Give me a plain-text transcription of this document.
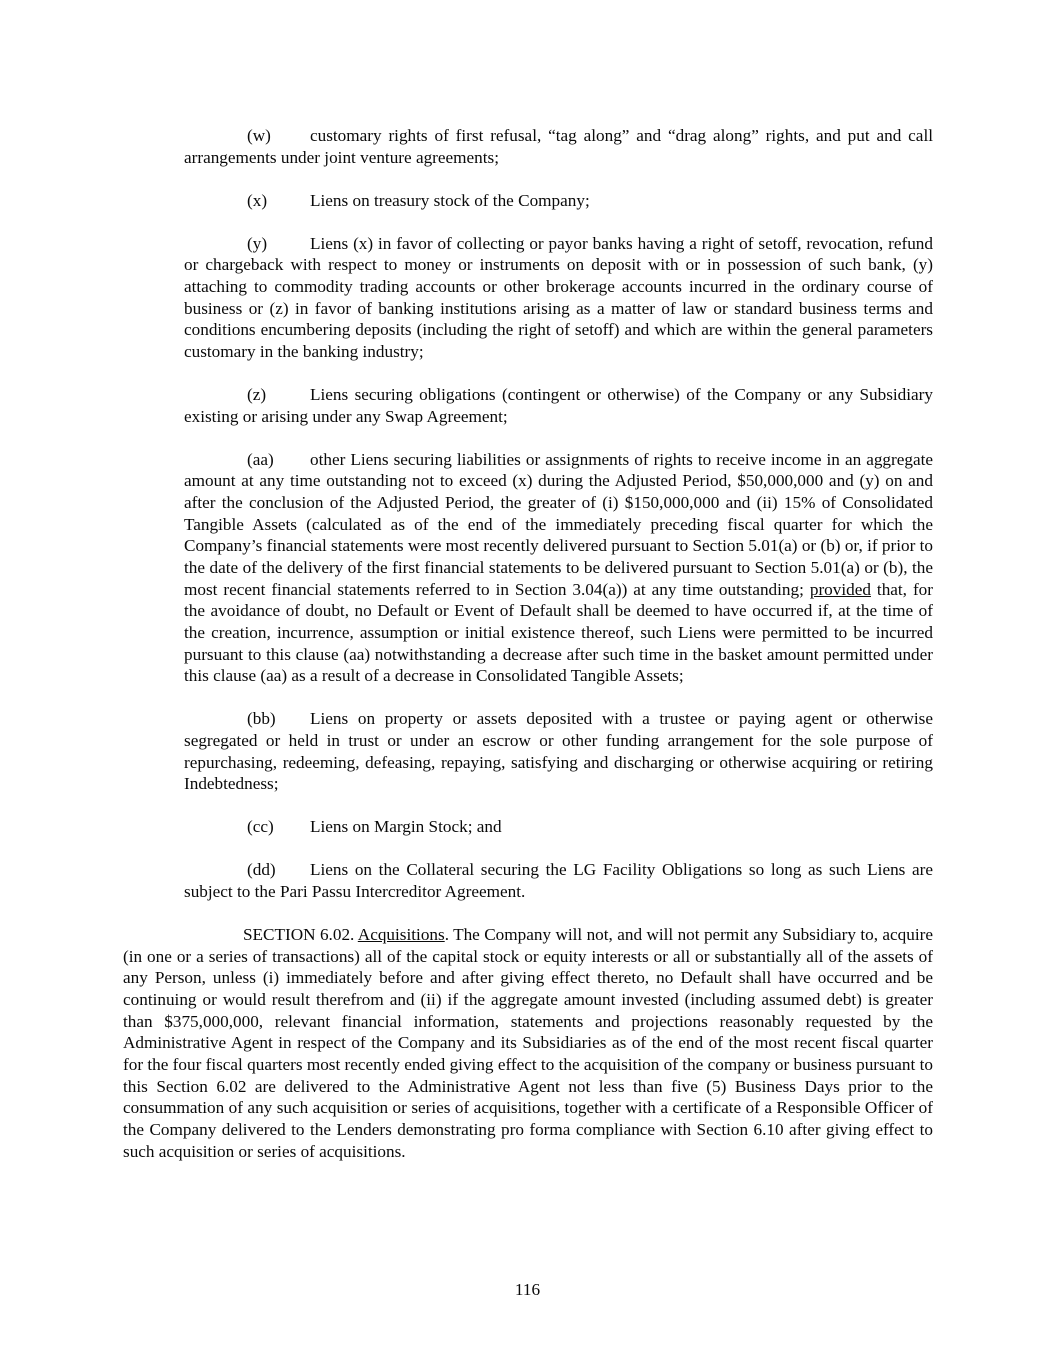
(w) customary rights of first refusal, “tag along” and “drag along” rights, and put and call arrangements under joint venture agreements;

(x) Liens on treasury stock of the Company;

(y) Liens (x) in favor of collecting or payor banks having a right of setoff, revocation, refund or chargeback with respect to money or instruments on deposit with or in possession of such bank, (y) attaching to commodity trading accounts or other brokerage accounts incurred in the ordinary course of business or (z) in favor of banking institutions arising as a matter of law or standard business terms and conditions encumbering deposits (including the right of setoff) and which are within the general parameters customary in the banking industry;

(z)	Liens securing obligations (contingent or otherwise) of the Company or any Subsidiary existing or arising under any Swap Agreement;

(aa) other Liens securing liabilities or assignments of rights to receive income in an aggregate amount at any time outstanding not to exceed (x) during the Adjusted Period, $50,000,000 and (y) on and after the conclusion of the Adjusted Period, the greater of (i) $150,000,000 and (ii) 15% of Consolidated Tangible Assets (calculated as of the end of the immediately preceding fiscal quarter for which the Company’s financial statements were most recently delivered pursuant to Section 5.01(a) or (b) or, if prior to the date of the delivery of the first financial statements to be delivered pursuant to Section 5.01(a) or (b), the most recent financial statements referred to in Section 3.04(a)) at any time outstanding; provided that, for the avoidance of doubt, no Default or Event of Default shall be deemed to have occurred if, at the time of the creation, incurrence, assumption or initial existence thereof, such Liens were permitted to be incurred pursuant to this clause (aa) notwithstanding a decrease after such time in the basket amount permitted under this clause (aa) as a result of a decrease in Consolidated Tangible Assets;

(bb) Liens on property or assets deposited with a trustee or paying agent or otherwise segregated or held in trust or under an escrow or other funding arrangement for the sole purpose of repurchasing, redeeming, defeasing, repaying, satisfying and discharging or otherwise acquiring or retiring Indebtedness;

(cc) Liens on Margin Stock; and

(dd) Liens on the Collateral securing the LG Facility Obligations so long as such Liens are subject to the Pari Passu Intercreditor Agreement.

SECTION 6.02. Acquisitions. The Company will not, and will not permit any Subsidiary to, acquire (in one or a series of transactions) all of the capital stock or equity interests or all or substantially all of the assets of any Person, unless (i) immediately before and after giving effect thereto, no Default shall have occurred and be continuing or would result therefrom and (ii) if the aggregate amount invested (including assumed debt) is greater than $375,000,000, relevant financial information, statements and projections reasonably requested by the Administrative Agent in respect of the Company and its Subsidiaries as of the end of the most recent fiscal quarter for the four fiscal quarters most recently ended giving effect to the acquisition of the company or business pursuant to this Section 6.02 are delivered to the Administrative Agent not less than five (5) Business Days prior to the consummation of any such acquisition or series of acquisitions, together with a certificate of a Responsible Officer of the Company delivered to the Lenders demonstrating pro forma compliance with Section 6.10 after giving effect to such acquisition or series of acquisitions.

116
